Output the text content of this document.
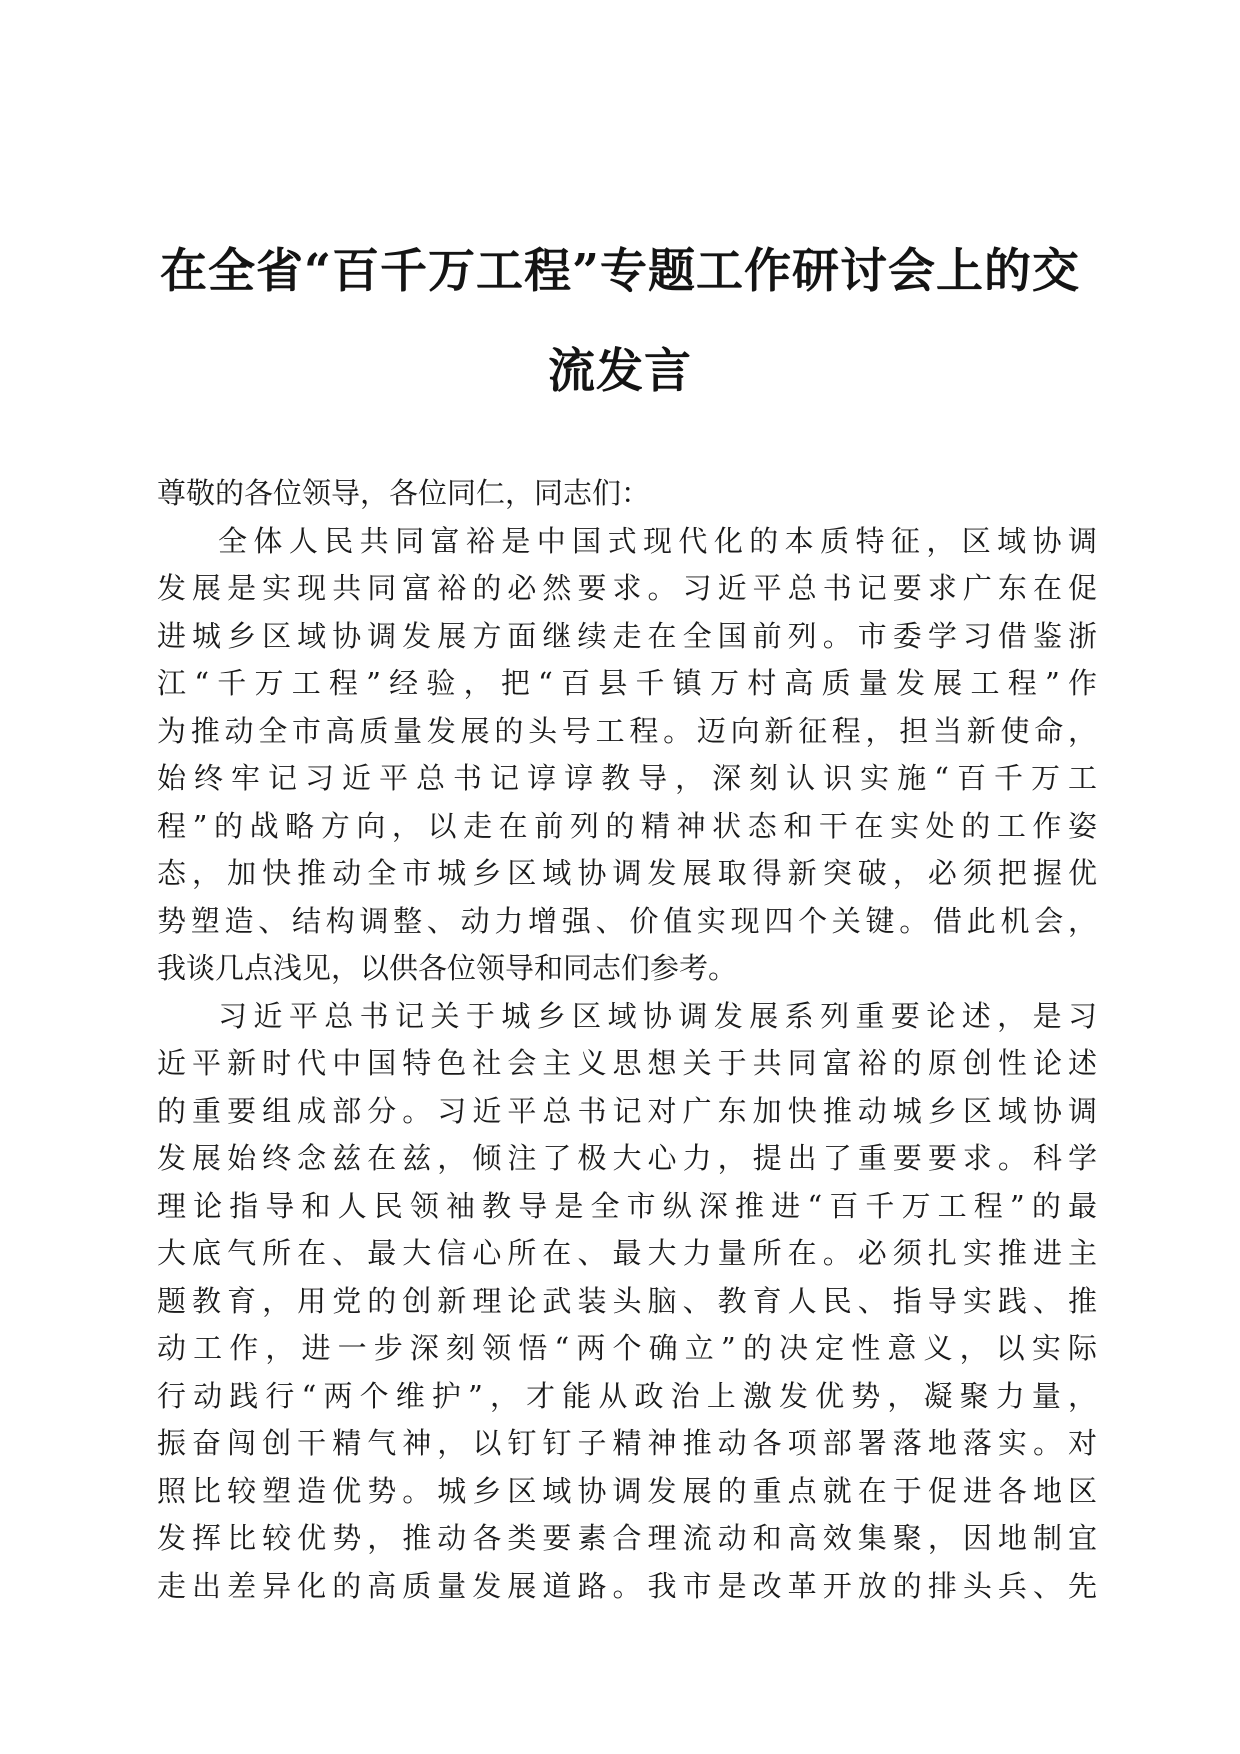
在全省“百千万工程”专题工作研讨会上的交
流发言
尊敬的各位领导，各位同仁，同志们：
全体人民共同富裕是中国式现代化的本质特征，区域协调
发展是实现共同富裕的必然要求。习近平总书记要求广东在促
进城乡区域协调发展方面继续走在全国前列。市委学习借鉴浙
江“千万工程”经验，把“百县千镇万村高质量发展工程”作
为推动全市高质量发展的头号工程。迈向新征程，担当新使命，
始终牢记习近平总书记谆谆教导，深刻认识实施“百千万工
程”的战略方向，以走在前列的精神状态和干在实处的工作姿
态，加快推动全市城乡区域协调发展取得新突破，必须把握优
势塑造、结构调整、动力增强、价值实现四个关键。借此机会，
我谈几点浅见，以供各位领导和同志们参考。
习近平总书记关于城乡区域协调发展系列重要论述，是习
近平新时代中国特色社会主义思想关于共同富裕的原创性论述
的重要组成部分。习近平总书记对广东加快推动城乡区域协调
发展始终念兹在兹，倾注了极大心力，提出了重要要求。科学
理论指导和人民领袖教导是全市纵深推进“百千万工程”的最
大底气所在、最大信心所在、最大力量所在。必须扎实推进主
题教育，用党的创新理论武装头脑、教育人民、指导实践、推
动工作，进一步深刻领悟“两个确立”的决定性意义，以实际
行动践行“两个维护”，才能从政治上激发优势，凝聚力量，
振奋闯创干精气神，以钉钉子精神推动各项部署落地落实。对
照比较塑造优势。城乡区域协调发展的重点就在于促进各地区
发挥比较优势，推动各类要素合理流动和高效集聚，因地制宜
走出差异化的高质量发展道路。我市是改革开放的排头兵、先
